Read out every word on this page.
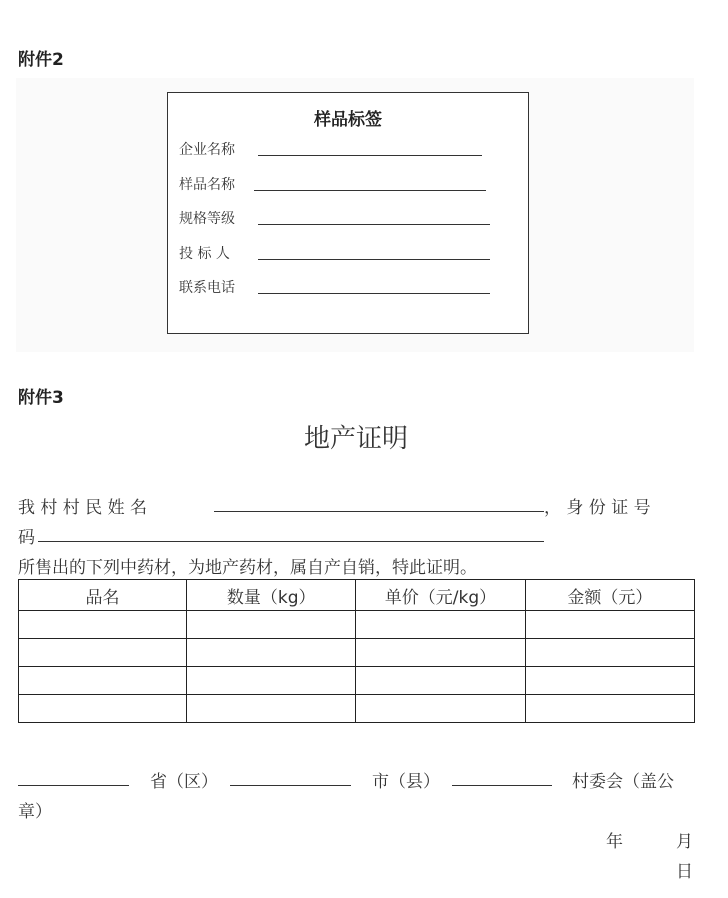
附件2
样品标签
企业名称
样品名称
规格等级
投 标 人
联系电话
附件3
地产证明
我 村 村 民 姓 名	， 身 份 证 号
码
所售出的下列中药材，为地产药材，属自产自销，特此证明。
品名	数量（kg）	单价（元/kg）	金额（元）

省（区）	市（县）	村委会（盖公
章）
年	月
日
